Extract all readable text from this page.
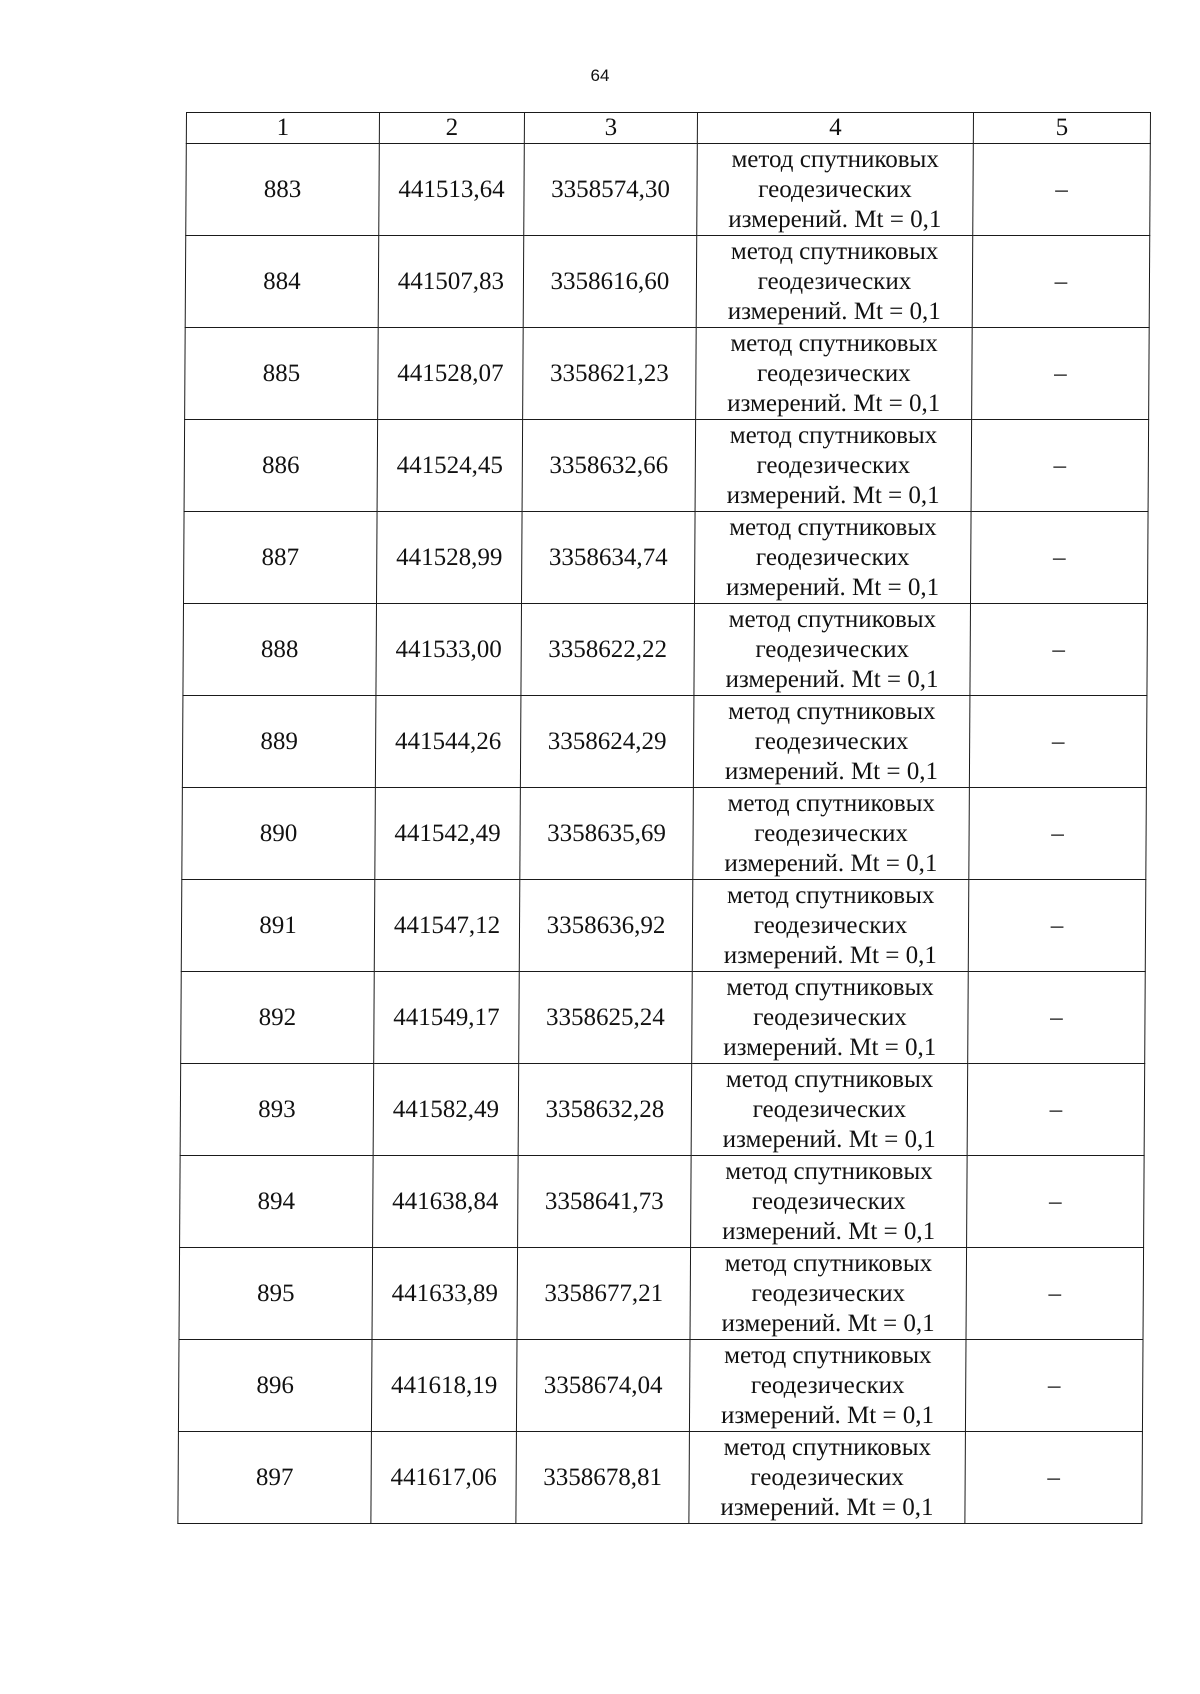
64
1	2	3	4	5
883	441513,64	3358574,30	метод спутниковых
геодезических
измерений. Mt = 0,1	–
884	441507,83	3358616,60	метод спутниковых
геодезических
измерений. Mt = 0,1	–
885	441528,07	3358621,23	метод спутниковых
геодезических
измерений. Mt = 0,1	–
886	441524,45	3358632,66	метод спутниковых
геодезических
измерений. Mt = 0,1	–
887	441528,99	3358634,74	метод спутниковых
геодезических
измерений. Mt = 0,1	–
888	441533,00	3358622,22	метод спутниковых
геодезических
измерений. Mt = 0,1	–
889	441544,26	3358624,29	метод спутниковых
геодезических
измерений. Mt = 0,1	–
890	441542,49	3358635,69	метод спутниковых
геодезических
измерений. Mt = 0,1	–
891	441547,12	3358636,92	метод спутниковых
геодезических
измерений. Mt = 0,1	–
892	441549,17	3358625,24	метод спутниковых
геодезических
измерений. Mt = 0,1	–
893	441582,49	3358632,28	метод спутниковых
геодезических
измерений. Mt = 0,1	–
894	441638,84	3358641,73	метод спутниковых
геодезических
измерений. Mt = 0,1	–
895	441633,89	3358677,21	метод спутниковых
геодезических
измерений. Mt = 0,1	–
896	441618,19	3358674,04	метод спутниковых
геодезических
измерений. Mt = 0,1	–
897	441617,06	3358678,81	метод спутниковых
геодезических
измерений. Mt = 0,1	–
